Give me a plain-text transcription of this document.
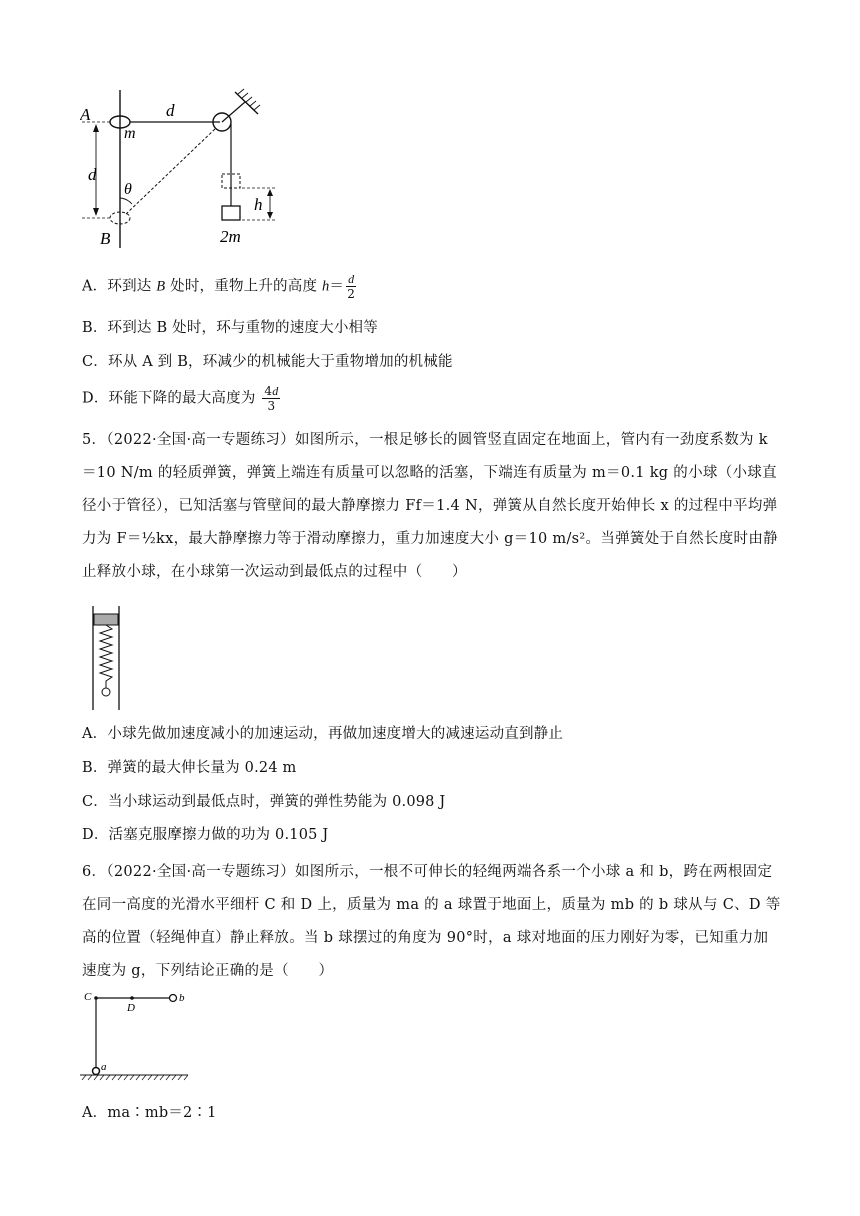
A
m
d
d
θ
B
h
2m
A．环到达 B 处时，重物上升的高度 $h= \frac{d}{2}$
B．环到达 B 处时，环与重物的速度大小相等
C．环从 A 到 B，环减少的机械能大于重物增加的机械能
D．环能下降的最大高度为 $\frac{4d}{3}$
5．（2022·全国·高一专题练习）如图所示，一根足够长的圆管竖直固定在地面上，管内有一劲度系数为 k＝10 N/m 的轻质弹簧，弹簧上端连有质量可以忽略的活塞，下端连有质量为 m＝0.1 kg 的小球（小球直径小于管径），已知活塞与管壁间的最大静摩擦力 Ff＝1.4 N，弹簧从自然长度开始伸长 x 的过程中平均弹力为 F＝½kx，最大静摩擦力等于滑动摩擦力，重力加速度大小 g＝10 m/s²。当弹簧处于自然长度时由静止释放小球，在小球第一次运动到最低点的过程中（　　）
A．小球先做加速度减小的加速运动，再做加速度增大的减速运动直到静止
B．弹簧的最大伸长量为 0.24 m
C．当小球运动到最低点时，弹簧的弹性势能为 0.098 J
D．活塞克服摩擦力做的功为 0.105 J
6．（2022·全国·高一专题练习）如图所示，一根不可伸长的轻绳两端各系一个小球 a 和 b，跨在两根固定在同一高度的光滑水平细杆 C 和 D 上，质量为 ma 的 a 球置于地面上，质量为 mb 的 b 球从与 C、D 等高的位置（轻绳伸直）静止释放。当 b 球摆过的角度为 90°时，a 球对地面的压力刚好为零，已知重力加速度为 g，下列结论正确的是（　　）
C
D
b
a
A．ma∶mb＝2∶1
